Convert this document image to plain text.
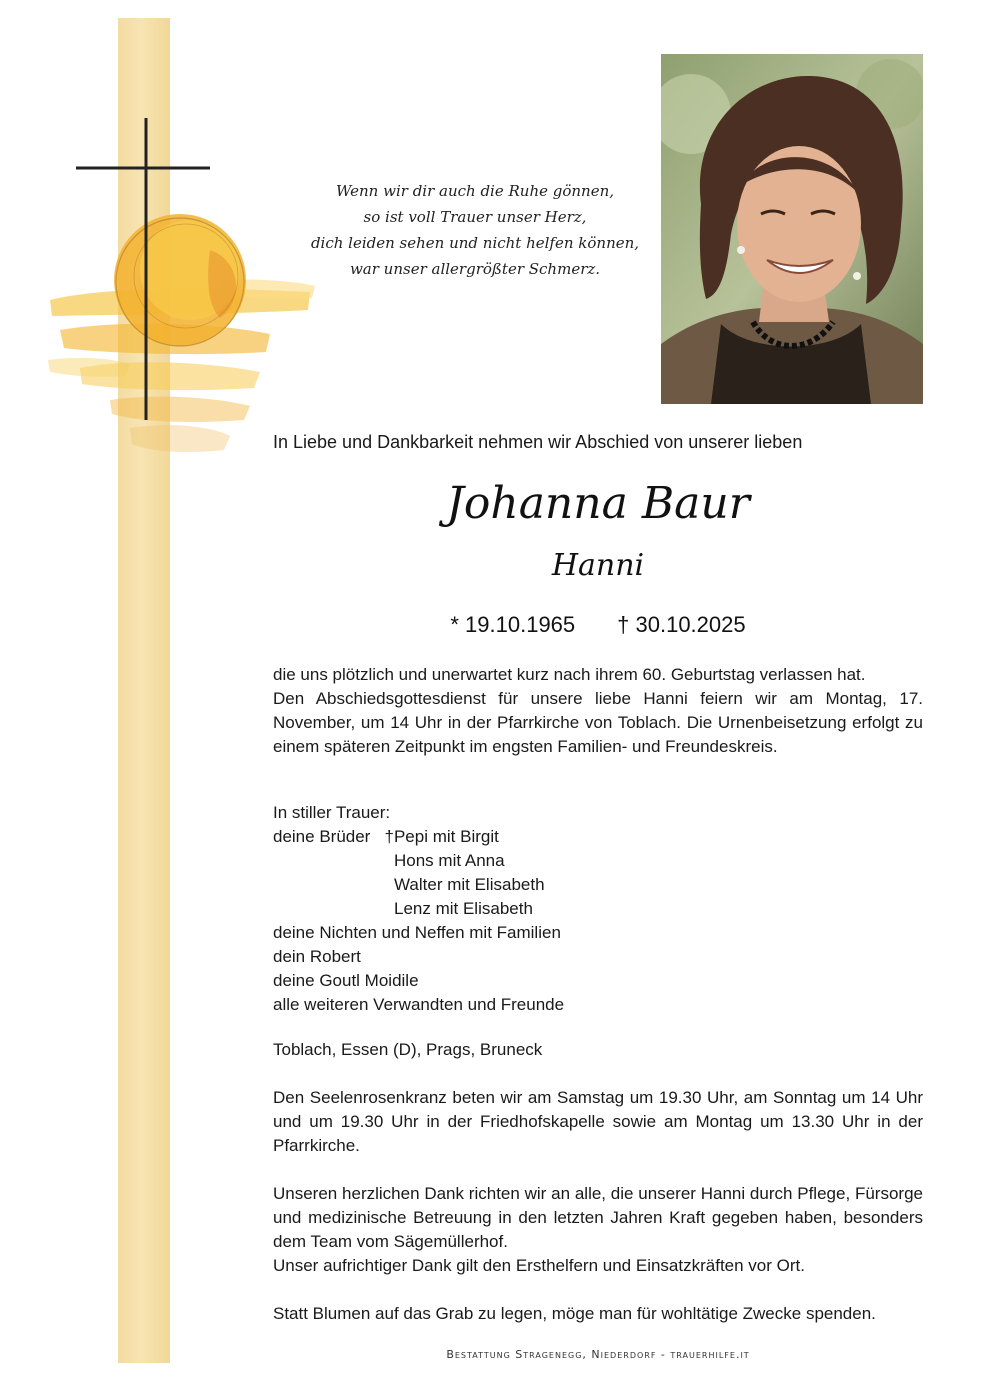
Wenn wir dir auch die Ruhe gönnen,
so ist voll Trauer unser Herz,
dich leiden sehen und nicht helfen können,
war unser allergrößter Schmerz.
In Liebe und Dankbarkeit nehmen wir Abschied von unserer lieben
Johanna Baur
Hanni
* 19.10.1965 † 30.10.2025
die uns plötzlich und unerwartet kurz nach ihrem 60. Geburtstag verlassen hat.
Den Abschiedsgottesdienst für unsere liebe Hanni feiern wir am Montag, 17. November, um 14 Uhr in der Pfarrkirche von Toblach. Die Urnenbeisetzung erfolgt zu einem späteren Zeitpunkt im engsten Familien- und Freundeskreis.
In stiller Trauer:
deine Brüder †Pepi mit Birgit
Hons mit Anna
Walter mit Elisabeth
Lenz mit Elisabeth
deine Nichten und Neffen mit Familien
dein Robert
deine Goutl Moidile
alle weiteren Verwandten und Freunde
Toblach, Essen (D), Prags, Bruneck
Den Seelenrosenkranz beten wir am Samstag um 19.30 Uhr, am Sonntag um 14 Uhr und um 19.30 Uhr in der Friedhofskapelle sowie am Montag um 13.30 Uhr in der Pfarrkirche.
Unseren herzlichen Dank richten wir an alle, die unserer Hanni durch Pflege, Fürsorge und medizinische Betreuung in den letzten Jahren Kraft gegeben haben, besonders dem Team vom Sägemüllerhof.
Unser aufrichtiger Dank gilt den Ersthelfern und Einsatzkräften vor Ort.
Statt Blumen auf das Grab zu legen, möge man für wohltätige Zwecke spenden.
Bestattung Stragenegg, Niederdorf - trauerhilfe.it
